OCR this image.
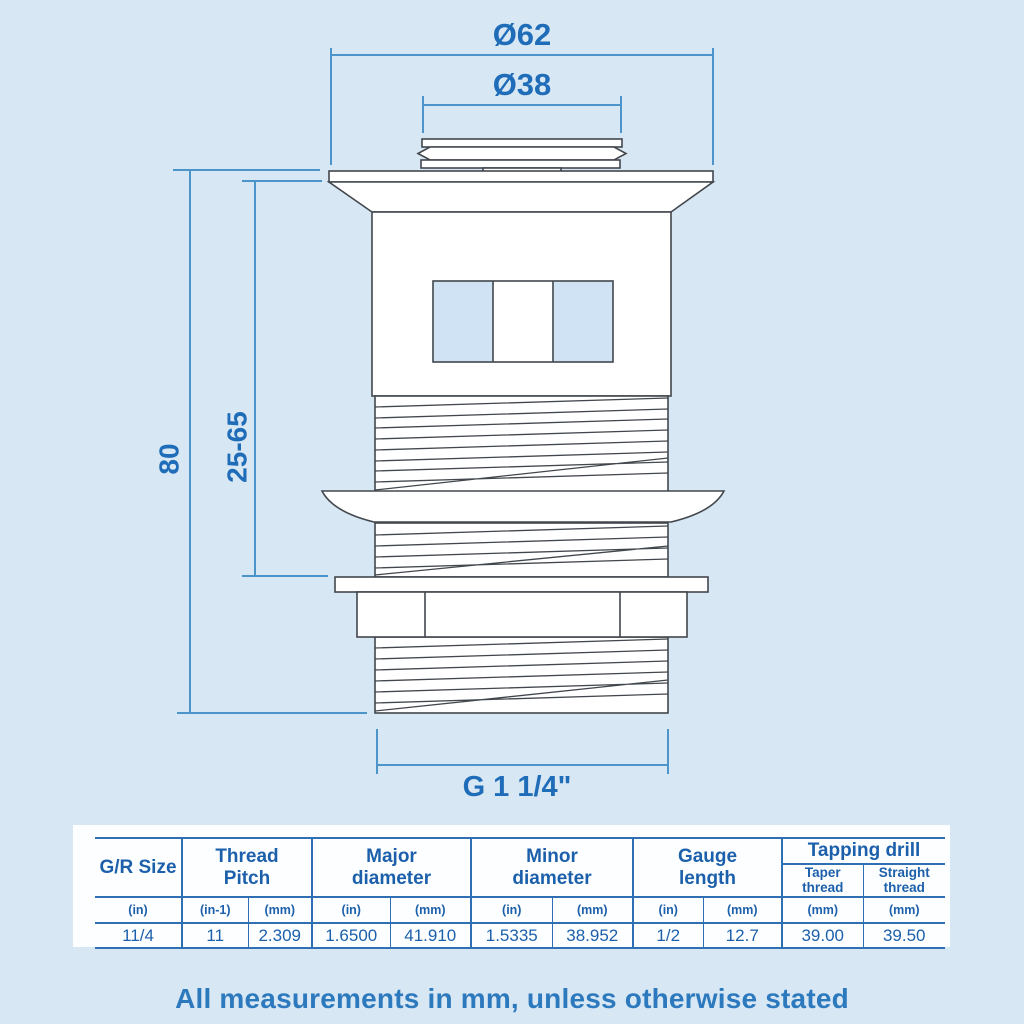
Ø62
Ø38
80 25-65
G 1 1/4"
G/R Size	Thread Pitch		Major diameter		Minor diameter		Gauge length		Tapping drill	
									Taper thread	Straight thread
(in)	(in-1)	(mm)	(in)	(mm)	(in)	(mm)	(in)	(mm)	(mm)	(mm)
11/4	11	2.309	1.6500	41.910	1.5335	38.952	1/2	12.7	39.00	39.50
All measurements in mm, unless otherwise stated
